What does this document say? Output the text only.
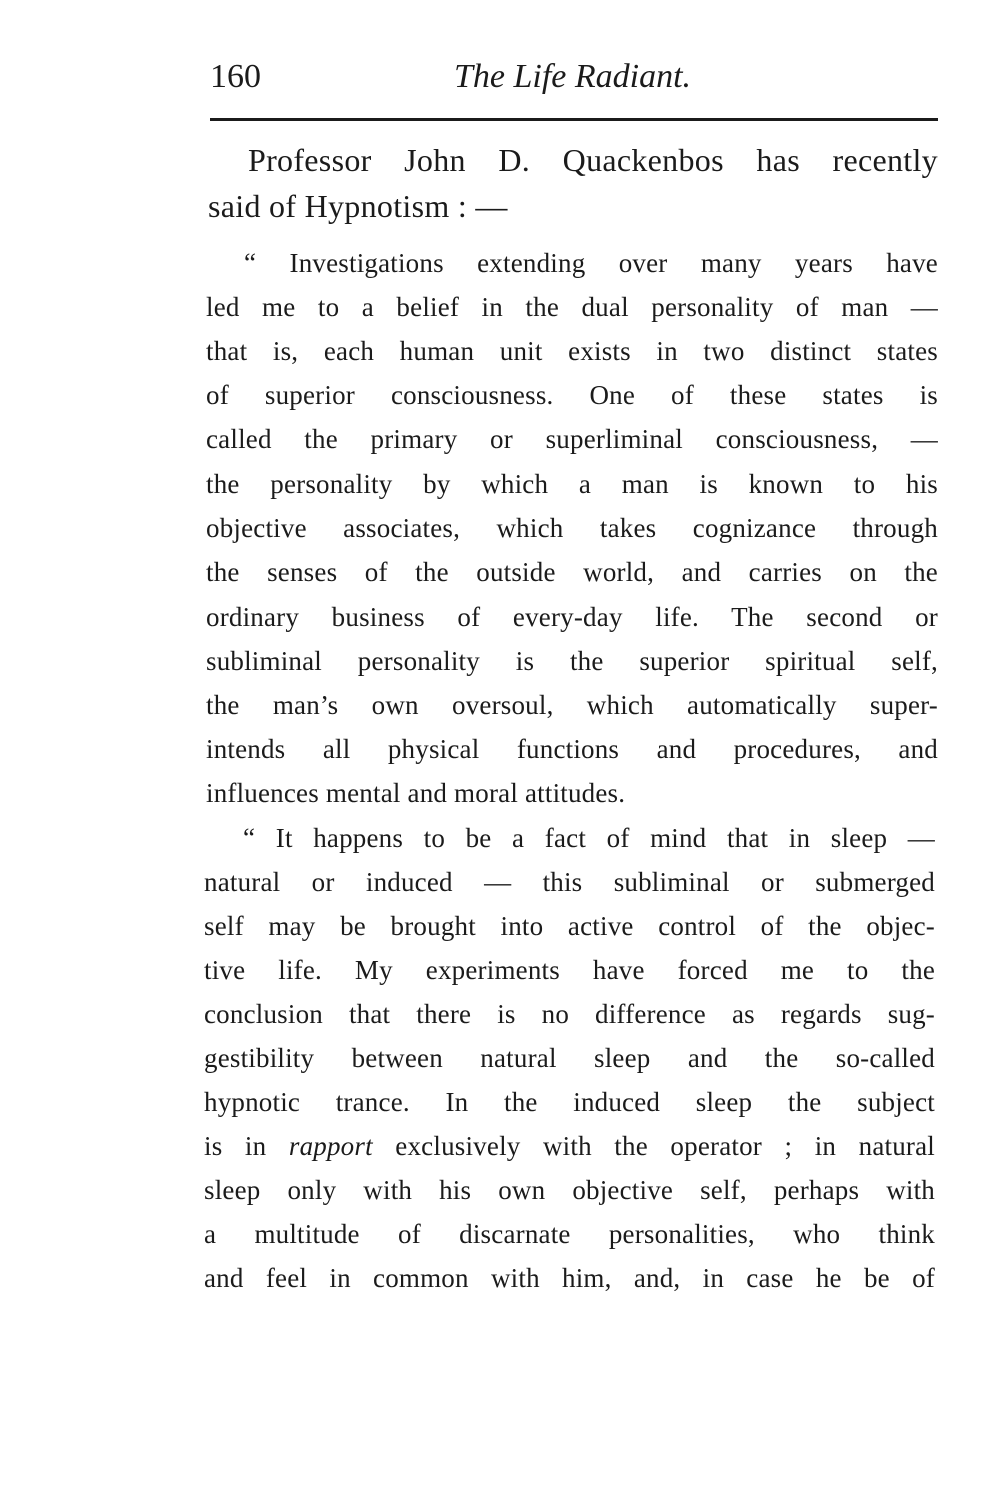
160	The Life Radiant.

Professor John D. Quackenbos has recently

said of Hypnotism : —

“ Investigations extending over many years have

led me to a belief in the dual personality of man —

that is, each human unit exists in two distinct states

of superior consciousness. One of these states is

called the primary or superliminal consciousness, —

the personality by which a man is known to his

objective associates, which takes cognizance through

the senses of the outside world, and carries on the

ordinary business of every-day life. The second or

subliminal personality is the superior spiritual self,

the man’s own oversoul, which automatically super-

intends all physical functions and procedures, and

influences mental and moral attitudes.

“ It happens to be a fact of mind that in sleep —

natural or induced — this subliminal or submerged

self may be brought into active control of the objec-

tive life. My experiments have forced me to the

conclusion that there is no difference as regards sug-

gestibility between natural sleep and the so-called

hypnotic trance. In the induced sleep the subject

is in rapport exclusively with the operator ; in natural

sleep only with his own objective self, perhaps with

a multitude of discarnate personalities, who think

and feel in common with him, and, in case he be of
